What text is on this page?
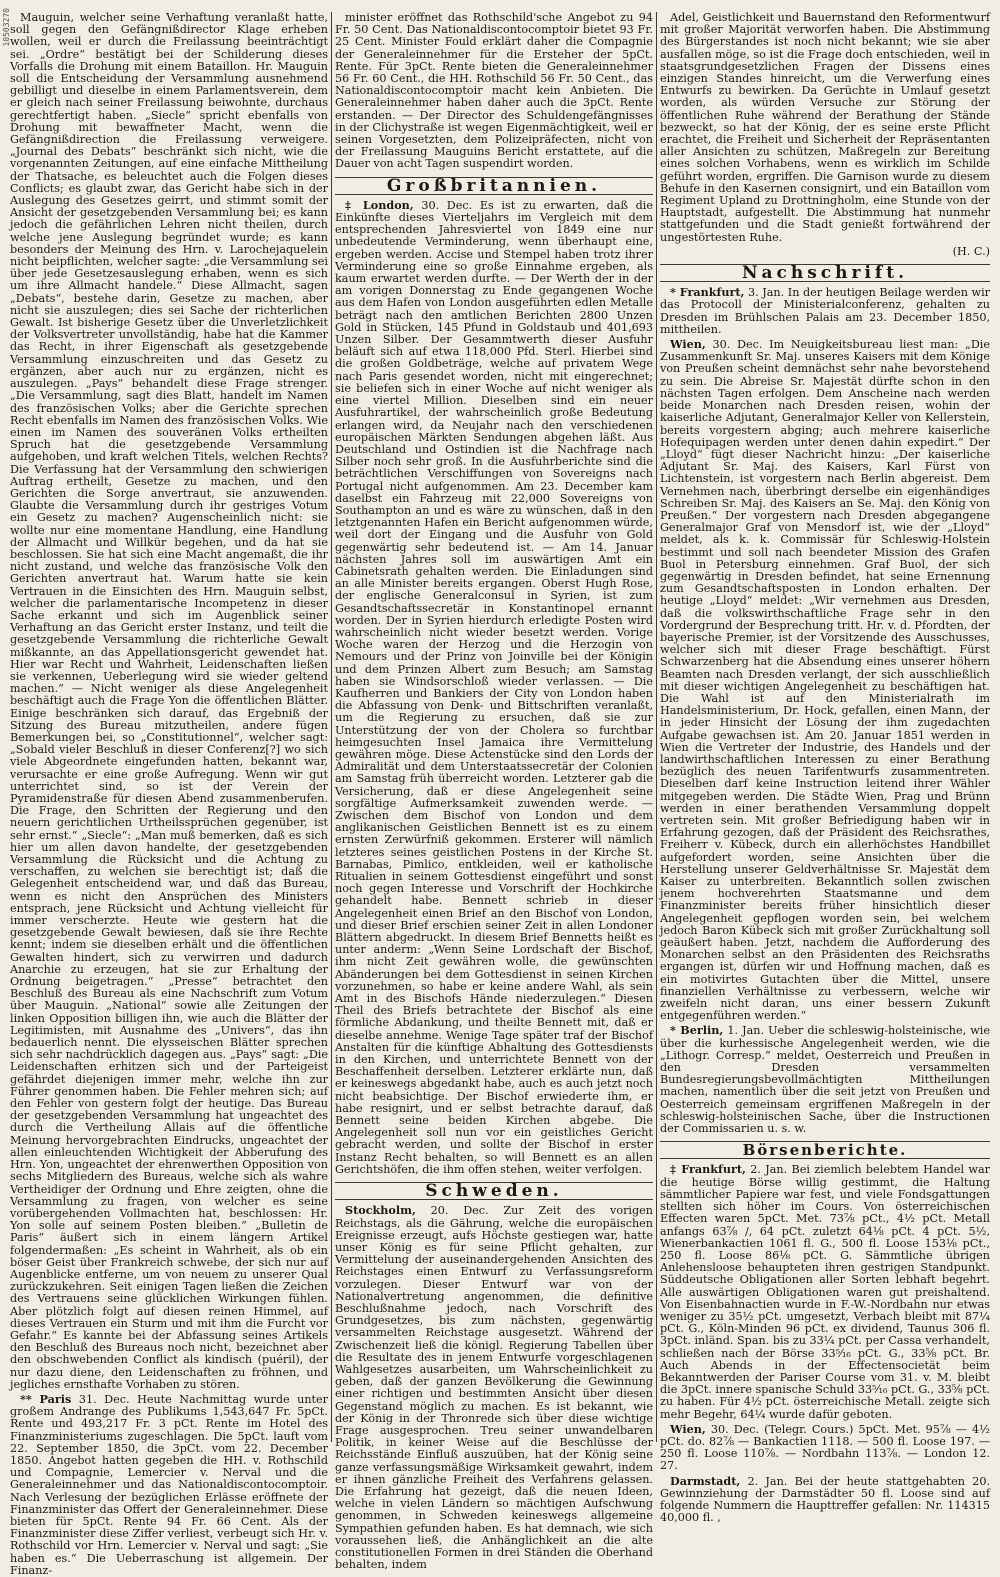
10503270 Mauguin, welcher seine Verhaftung veranlaßt hatte, soll gegen den Gefängnißdirector Klage erheben wollen, weil er durch die Freilassung beeinträchtigt sei. „Ordre“ bestätigt bei der Schilderung dieses Vorfalls die Drohung mit einem Bataillon. Hr. Mauguin soll die Entscheidung der Versammlung ausnehmend gebilligt und dieselbe in einem Parlamentsverein, dem er gleich nach seiner Freilassung beiwohnte, durchaus gerechtfertigt haben. „Siecle“ spricht ebenfalls von Drohung mit bewaffneter Macht, wenn die Gefängnißdirection die Freilassung verweigere. „Journal des Debats“ beschränkt sich nicht, wie die vorgenannten Zeitungen, auf eine einfache Mittheilung der Thatsache, es beleuchtet auch die Folgen dieses Conflicts; es glaubt zwar, das Gericht habe sich in der Auslegung des Gesetzes geirrt, und stimmt somit der Ansicht der gesetzgebenden Versammlung bei; es kann jedoch die gefährlichen Lehren nicht theilen, durch welche jene Auslegung begründet wurde; es kann besonders der Meinung des Hrn. v. Larochejaquelein nicht beipflichten, welcher sagte: „die Versammlung sei über jede Gesetzesauslegung erhaben, wenn es sich um ihre Allmacht handele.“ Diese Allmacht, sagen „Debats“, bestehe darin, Gesetze zu machen, aber nicht sie auszulegen; dies sei Sache der richterlichen Gewalt. Ist bisherige Gesetz über die Unverletzlichkeit der Volksvertreter unvollständig, habe hat die Kammer das Recht, in ihrer Eigenschaft als gesetzgebende Versammlung einzuschreiten und das Gesetz zu ergänzen, aber auch nur zu ergänzen, nicht es auszulegen. „Pays“ behandelt diese Frage strenger. „Die Versammlung, sagt dies Blatt, handelt im Namen des französischen Volks; aber die Gerichte sprechen Recht ebenfalls im Namen des französischen Volks. Wie einen im Namen des souveränen Volks ertheilten Spruch hat die gesetzgebende Versammlung aufgehoben, und kraft welchen Titels, welchen Rechts? Die Verfassung hat der Versammlung den schwierigen Auftrag ertheilt, Gesetze zu machen, und den Gerichten die Sorge anvertraut, sie anzuwenden. Glaubte die Versammlung durch ihr gestriges Votum ein Gesetz zu machen? Augenscheinlich nicht: sie wollte nur eine momentane Handlung, eine Handlung der Allmacht und Willkür begehen, und da hat sie beschlossen. Sie hat sich eine Macht angemaßt, die ihr nicht zustand, und welche das französische Volk den Gerichten anvertraut hat. Warum hatte sie kein Vertrauen in die Einsichten des Hrn. Mauguin selbst, welcher die parlamentarische Incompetenz in dieser Sache erkannt und sich im Augenblick seiner Verhaftung an das Gericht erster Instanz, und teilt die gesetzgebende Versammlung die richterliche Gewalt mißkannte, an das Appellationsgericht gewendet hat. Hier war Recht und Wahrheit, Leidenschaften ließen sie verkennen, Ueberlegung wird sie wieder geltend machen.“ — Nicht weniger als diese Angelegenheit beschäftigt auch die Frage Yon die öffentlichen Blätter. Einige beschränken sich darauf, das Ergebniß der Sitzung des Bureau mitzutheilen, andere fügen Bemerkungen bei, so „Constitutionnel“, welcher sagt: „Sobald vieler Beschluß in dieser Conferenz[?] wo sich viele Abgeordnete eingefunden hatten, bekannt war, verursachte er eine große Aufregung. Wenn wir gut unterrichtet sind, so ist der Verein der Pyramidenstraße für diesen Abend zusammenberufen. Die Frage, den Schritten der Regierung und den neuern gerichtlichen Urtheilssprüchen gegenüber, ist sehr ernst.“ „Siecle“: „Man muß bemerken, daß es sich hier um allen davon handelte, der gesetzgebenden Versammlung die Rücksicht und die Achtung zu verschaffen, zu welchen sie berechtigt ist; daß die Gelegenheit entscheidend war, und daß das Bureau, wenn es nicht den Ansprüchen des Ministers entsprach, jene Rücksicht und Achtung vielleicht für immer verscherzte. Heute wie gestern hat die gesetzgebende Gewalt bewiesen, daß sie ihre Rechte kennt; indem sie dieselben erhält und die öffentlichen Gewalten hindert, sich zu verwirren und dadurch Anarchie zu erzeugen, hat sie zur Erhaltung der Ordnung beigetragen.“ „Presse“ betrachtet den Beschluß des Bureau als eine Nachschrift zum Votum über Mauguin. „National“ sowie alle Zeitungen der linken Opposition billigen ihn, wie auch die Blätter der Legitimisten, mit Ausnahme des „Univers“, das ihn bedauerlich nennt. Die elysseischen Blätter sprechen sich sehr nachdrücklich dagegen aus. „Pays“ sagt: „Die Leidenschaften erhitzen sich und der Parteigeist gefährdet diejenigen immer mehr, welche ihn zur Führer genommen haben. Die Fehler mehren sich; auf den Fehler von gestern folgt der heutige. Das Bureau der gesetzgebenden Versammlung hat ungeachtet des durch die Vertheilung Allais auf die öffentliche Meinung hervorgebrachten Eindrucks, ungeachtet der allen einleuchtenden Wichtigkeit der Abberufung des Hrn. Yon, ungeachtet der ehrenwerthen Opposition von sechs Mitgliedern des Bureaus, welche sich als wahre Vertheidiger der Ordnung und Ehre zeigten, ohne die Versammlung zu fragen, von welcher es seine vorübergehenden Vollmachten hat, beschlossen: Hr. Yon solle auf seinem Posten bleiben.“ „Bulletin de Paris“ äußert sich in einem längern Artikel folgendermaßen: „Es scheint in Wahrheit, als ob ein böser Geist über Frankreich schwebe, der sich nur auf Augenblicke entferne, um von neuem zu unserer Qual zurückzukehren. Seit einigen Tagen ließen die Zeichen des Vertrauens seine glücklichen Wirkungen fühlen. Aber plötzlich folgt auf diesen reinen Himmel, auf dieses Vertrauen ein Sturm und mit ihm die Furcht vor Gefahr.“ Es kannte bei der Abfassung seines Artikels den Beschluß des Bureaus noch nicht, bezeichnet aber den obschwebenden Conflict als kindisch (puéril), der nur dazu diene, den Leidenschaften zu fröhnen, und jegliches ernsthafte Vorhaben zu stören.

** Paris 31. Dec. Heute Nachmittag wurde unter großem Andrange des Publikums 1,543,647 Fr. 5pCt. Rente und 493,217 Fr. 3 pCt. Rente im Hotel des Finanzministeriums zugeschlagen. Die 5pCt. lauft vom 22. September 1850, die 3pCt. vom 22. December 1850. Angebot hatten gegeben die HH. v. Rothschild und Compagnie, Lemercier v. Nerval und die Generaleinnehmer und das Nationaldiscontocomptoir. Nach Verlesung der bezüglichen Erlässe eröffnete der Finanzminister das Offert der Generaleinnehmer. Diese bieten für 5pCt. Rente 94 Fr. 66 Cent. Als der Finanzminister diese Ziffer verliest, verbeugt sich Hr. v. Rothschild vor Hrn. Lemercier v. Nerval und sagt: „Sie haben es.“ Die Ueberraschung ist allgemein. Der Finanz-

minister eröffnet das Rothschild'sche Angebot zu 94 Fr. 50 Cent. Das Nationaldiscontocomptoir bietet 93 Fr. 25 Cent. Minister Fould erklärt daher die Compagnie der Generaleinnehmer für die Ersteher der 5pCt. Rente. Für 3pCt. Rente bieten die Generaleinnehmer 56 Fr. 60 Cent., die HH. Rothschild 56 Fr. 50 Cent., das Nationaldiscontocomptoir macht kein Anbieten. Die Generaleinnehmer haben daher auch die 3pCt. Rente erstanden. — Der Director des Schuldengefängnisses in der Clichystraße ist wegen Eigenmächtigkeit, weil er seinen Vorgesetzten, dem Polizeipräfecten, nicht von der Freilassung Mauguins Bericht erstattete, auf die Dauer von acht Tagen suspendirt worden.

Großbritannien.

‡ London, 30. Dec. Es ist zu erwarten, daß die Einkünfte dieses Vierteljahrs im Vergleich mit dem entsprechenden Jahresviertel von 1849 eine nur unbedeutende Verminderung, wenn überhaupt eine, ergeben werden. Accise und Stempel haben trotz ihrer Verminderung eine so große Einnahme ergeben, als kaum erwartet werden durfte. — Der Werth der in der am vorigen Donnerstag zu Ende gegangenen Woche aus dem Hafen von London ausgeführten edlen Metalle beträgt nach den amtlichen Berichten 2800 Unzen Gold in Stücken, 145 Pfund in Goldstaub und 401,693 Unzen Silber. Der Gesammtwerth dieser Ausfuhr beläuft sich auf etwa 118,000 Pfd. Sterl. Hierbei sind die großen Goldbeträge, welche auf privatem Wege nach Paris gesendet worden, nicht mit eingerechnet; sie beliefen sich in einer Woche auf nicht weniger als eine viertel Million. Dieselben sind ein neuer Ausfuhrartikel, der wahrscheinlich große Bedeutung erlangen wird, da Neujahr nach den verschiedenen europäischen Märkten Sendungen abgehen läßt. Aus Deutschland und Ostindien ist die Nachfrage nach Silber noch sehr groß. In die Ausfuhrberichte sind die beträchtlichen Verschiffungen von Sovereigns nach Portugal nicht aufgenommen. Am 23. December kam daselbst ein Fahrzeug mit 22,000 Sovereigns von Southampton an und es wäre zu wünschen, daß in den letztgenannten Hafen ein Bericht aufgenommen würde, weil dort der Eingang und die Ausfuhr von Gold gegenwärtig sehr bedeutend ist. — Am 14. Januar nächsten Jahres soll im auswärtigen Amt ein Cabinetsrath gehalten werden. Die Einladungen sind an alle Minister bereits ergangen. Oberst Hugh Rose, der englische Generalconsul in Syrien, ist zum Gesandtschaftssecretär in Konstantinopel ernannt worden. Der in Syrien hierdurch erledigte Posten wird wahrscheinlich nicht wieder besetzt werden. Vorige Woche waren der Herzog und die Herzogin von Nemours und der Prinz von Joinville bei der Königin und dem Prinzen Albert zum Besuch; am Samstag haben sie Windsorschloß wieder verlassen. — Die Kaufherren und Bankiers der City von London haben die Abfassung von Denk- und Bittschriften veranlaßt, um die Regierung zu ersuchen, daß sie zur Unterstützung der von der Cholera so furchtbar heimgesuchten Insel Jamaica ihre Vermittelung gewähren möge. Diese Actenstücke sind den Lords der Admiralität und dem Unterstaatssecretär der Colonien am Samstag früh überreicht worden. Letzterer gab die Versicherung, daß er diese Angelegenheit seine sorgfältige Aufmerksamkeit zuwenden werde. — Zwischen dem Bischof von London und dem anglikanischen Geistlichen Bennett ist es zu einem ernsten Zerwürfniß gekommen. Ersterer will nämlich letzteres seines geistlichen Postens in der Kirche St. Barnabas, Pimlico, entkleiden, weil er katholische Ritualien in seinem Gottesdienst eingeführt und sonst noch gegen Interesse und Vorschrift der Hochkirche gehandelt habe. Bennett schrieb in dieser Angelegenheit einen Brief an den Bischof von London, und dieser Brief erschien seiner Zeit in allen Londoner Blättern abgedruckt. In diesem Brief Bennetts heißt es unter anderm: „Wenn Seine Lordschaft der Bischof, ihm nicht Zeit gewähren wolle, die gewünschten Abänderungen bei dem Gottesdienst in seinen Kirchen vorzunehmen, so habe er keine andere Wahl, als sein Amt in des Bischofs Hände niederzulegen.“ Diesen Theil des Briefs betrachtete der Bischof als eine förmliche Abdankung, und theilte Bennett mit, daß er dieselbe annehme. Wenige Tage später traf der Bischof Anstalten für die künftige Abhaltung des Gottesdiensts in den Kirchen, und unterrichtete Bennett von der Beschaffenheit derselben. Letzterer erklärte nun, daß er keineswegs abgedankt habe, auch es auch jetzt noch nicht beabsichtige. Der Bischof erwiederte ihm, er habe resignirt, und er selbst betrachte darauf, daß Bennett seine beiden Kirchen abgebe. Die Angelegenheit soll nun vor ein geistliches Gericht gebracht werden, und sollte der Bischof in erster Instanz Recht behalten, so will Bennett es an allen Gerichtshöfen, die ihm offen stehen, weiter verfolgen.

Schweden.

Stockholm, 20. Dec. Zur Zeit des vorigen Reichstags, als die Gährung, welche die europäischen Ereignisse erzeugt, aufs Höchste gestiegen war, hatte unser König es für seine Pflicht gehalten, zur Vermittelung der auseinandergehenden Ansichten des Reichstages einen Entwurf zu Verfassungsreform vorzulegen. Dieser Entwurf war von der Nationalvertretung angenommen, die definitive Beschlußnahme jedoch, nach Vorschrift des Grundgesetzes, bis zum nächsten, gegenwärtig versammelten Reichstage ausgesetzt. Während der Zwischenzeit ließ die königl. Regierung Tabellen über die Resultate des in jenem Entwurfe vorgeschlagenen Wahlgesetzes ausarbeiten, um Wahrscheinlichkeit zu geben, daß der ganzen Bevölkerung die Gewinnung einer richtigen und bestimmten Ansicht über diesen Gegenstand möglich zu machen. Es ist bekannt, wie der König in der Thronrede sich über diese wichtige Frage ausgesprochen. Treu seiner unwandelbaren Politik, in keiner Weise auf die Beschlüsse der Reichsstände Einfluß auszuüben, hat der König seine ganze verfassungsmäßige Wirksamkeit gewahrt, indem er ihnen gänzliche Freiheit des Verfahrens gelassen. Die Erfahrung hat gezeigt, daß die neuen Ideen, welche in vielen Ländern so mächtigen Aufschwung genommen, in Schweden keineswegs allgemeine Sympathien gefunden haben. Es hat demnach, wie sich voraussehen ließ, die Anhänglichkeit an die alte constitutionellen Formen in drei Ständen die Oberhand behalten, indem

Adel, Geistlichkeit und Bauernstand den Reformentwurf mit großer Majorität verworfen haben. Die Abstimmung des Bürgerstandes ist noch nicht bekannt; wie sie aber ausfallen möge, so ist die Frage doch entschieden, weil in staatsgrundgesetzlichen Fragen der Dissens eines einzigen Standes hinreicht, um die Verwerfung eines Entwurfs zu bewirken. Da Gerüchte in Umlauf gesetzt worden, als würden Versuche zur Störung der öffentlichen Ruhe während der Berathung der Stände bezweckt, so hat der König, der es seine erste Pflicht erachtet, die Freiheit und Sicherheit der Repräsentanten aller Ansichten zu schützen, Maßregeln zur Bereitung eines solchen Vorhabens, wenn es wirklich im Schilde geführt worden, ergriffen. Die Garnison wurde zu diesem Behufe in den Kasernen consignirt, und ein Bataillon vom Regiment Upland zu Drottningholm, eine Stunde von der Hauptstadt, aufgestellt. Die Abstimmung hat nunmehr stattgefunden und die Stadt genießt fortwährend der ungestörtesten Ruhe.

(H. C.)
Nachschrift.

* Frankfurt, 3. Jan. In der heutigen Beilage werden wir das Protocoll der Ministerialconferenz, gehalten zu Dresden im Brühlschen Palais am 23. December 1850, mittheilen.

Wien, 30. Dec. Im Neuigkeitsbureau liest man: „Die Zusammenkunft Sr. Maj. unseres Kaisers mit dem Könige von Preußen scheint demnächst sehr nahe bevorstehend zu sein. Die Abreise Sr. Majestät dürfte schon in den nächsten Tagen erfolgen. Dem Anscheine nach werden beide Monarchen nach Dresden reisen, wohin der kaiserliche Adjutant, Generalmajor Keller von Kellerstein, bereits vorgestern abging; auch mehrere kaiserliche Hofequipagen werden unter denen dahin expedirt.“ Der „Lloyd“ fügt dieser Nachricht hinzu: „Der kaiserliche Adjutant Sr. Maj. des Kaisers, Karl Fürst von Lichtenstein, ist vorgestern nach Berlin abgereist. Dem Vernehmen nach, überbringt derselbe ein eigenhändiges Schreiben Sr. Maj. des Kaisers an Se. Maj. den König von Preußen.“ Der vorgestern nach Dresden abgegangene Generalmajor Graf von Mensdorf ist, wie der „Lloyd“ meldet, als k. k. Commissär für Schleswig-Holstein bestimmt und soll nach beendeter Mission des Grafen Buol in Petersburg einnehmen. Graf Buol, der sich gegenwärtig in Dresden befindet, hat seine Ernennung zum Gesandtschaftsposten in London erhalten. Der heutige „Lloyd“ meldet: „Wir vernehmen aus Dresden, daß die volkswirthschaftliche Frage sehr in den Vordergrund der Besprechung tritt. Hr. v. d. Pfordten, der bayerische Premier, ist der Vorsitzende des Ausschusses, welcher sich mit dieser Frage beschäftigt. Fürst Schwarzenberg hat die Absendung eines unserer höhern Beamten nach Dresden verlangt, der sich ausschließlich mit dieser wichtigen Angelegenheit zu beschäftigen hat. Die Wahl ist auf den Ministerialrath im Handelsministerium, Dr. Hock, gefallen, einen Mann, der in jeder Hinsicht der Lösung der ihm zugedachten Aufgabe gewachsen ist. Am 20. Januar 1851 werden in Wien die Vertreter der Industrie, des Handels und der landwirthschaftlichen Interessen zu einer Berathung bezüglich des neuen Tarifentwurfs zusammentreten. Dieselben darf keine Instruction leitend ihrer Wähler mitgegeben werden. Die Städte Wien, Prag und Brünn werden in einer berathenden Versammlung doppelt vertreten sein. Mit großer Befriedigung haben wir in Erfahrung gezogen, daß der Präsident des Reichsrathes, Freiherr v. Kübeck, durch ein allerhöchstes Handbillet aufgefordert worden, seine Ansichten über die Herstellung unserer Geldverhältnisse Sr. Majestät dem Kaiser zu unterbreiten. Bekanntlich sollen zwischen jenem hochverehrten Staatsmanne und dem Finanzminister bereits früher hinsichtlich dieser Angelegenheit gepflogen worden sein, bei welchem jedoch Baron Kübeck sich mit großer Zurückhaltung soll geäußert haben. Jetzt, nachdem die Aufforderung des Monarchen selbst an den Präsidenten des Reichsraths ergangen ist, dürfen wir und Hoffnung machen, daß es ein motivirtes Gutachten über die Mittel, unsere finanziellen Verhältnisse zu verbessern, welche wir zweifeln nicht daran, uns einer bessern Zukunft entgegenführen werden.“

* Berlin, 1. Jan. Ueber die schleswig-holsteinische, wie über die kurhessische Angelegenheit werden, wie die „Lithogr. Corresp.“ meldet, Oesterreich und Preußen in den Dresden versammelten Bundesregierungsbevollmächtigten Mittheilungen machen, namentlich über die seit jetzt von Preußen und Oesterreich gemeinsam ergriffenen Maßregeln in der schleswig-holsteinischen Sache, über die Instructionen der Commissarien u. s. w.

Börsenberichte.

‡ Frankfurt, 2. Jan. Bei ziemlich belebtem Handel war die heutige Börse willig gestimmt, die Haltung sämmtlicher Papiere war fest, und viele Fondsgattungen stellten sich höher im Cours. Von österreichischen Effecten waren 5pCt. Met. 73⅞ pCt., 4½ pCt. Metall anfangs 63⅞ /, 64 pCt. zuletzt 64⅛ pCt. 4 pCt. 5½, Wienerbankactien 1061 fl. G., 500 fl. Loose 153⅛ pCt., 250 fl. Loose 86⅛ pCt. G. Sämmtliche übrigen Anlehensloose behaupteten ihren gestrigen Standpunkt. Süddeutsche Obligationen aller Sorten lebhaft begehrt. Alle auswärtigen Obligationen waren gut preishaltend. Von Eisenbahnactien wurde in F.-W.-Nordbahn nur etwas weniger zu 35½ pCt. umgesetzt, Verbach bleibt mit 87¼ pCt. G., Köln-Minden 96 pCt. ex dividend, Taunus 306 fl. 3pCt. inländ. Span. bis zu 33¼ pCt. per Cassa verhandelt, schließen nach der Börse 33⁵⁄₁₆ pCt. G., 33⅝ pCt. Br. Auch Abends in der Effectensocietät beim Bekanntwerden der Pariser Course vom 31. v. M. bleibt die 3pCt. innere spanische Schuld 33⁵⁄₁₆ pCt. G., 33⅝ pCt. zu haben. Für 4½ pCt. österreichische Metall. zeigte sich mehr Begehr, 64¼ wurde dafür geboten.

Wien, 30. Dec. (Telegr. Cours.) 5pCt. Met. 95⅞ — 4½ pCt. do. 82⅞ — Bankactien 1118. — 500 fl. Loose 197. — 250 fl. Loose 110⅞. — Nordbahn 113⅞. — London 12. 27.

Darmstadt, 2. Jan. Bei der heute stattgehabten 20. Gewinnziehung der Darmstädter 50 fl. Loose sind auf folgende Nummern die Haupttreffer gefallen: Nr. 114315 40,000 fl. ,
